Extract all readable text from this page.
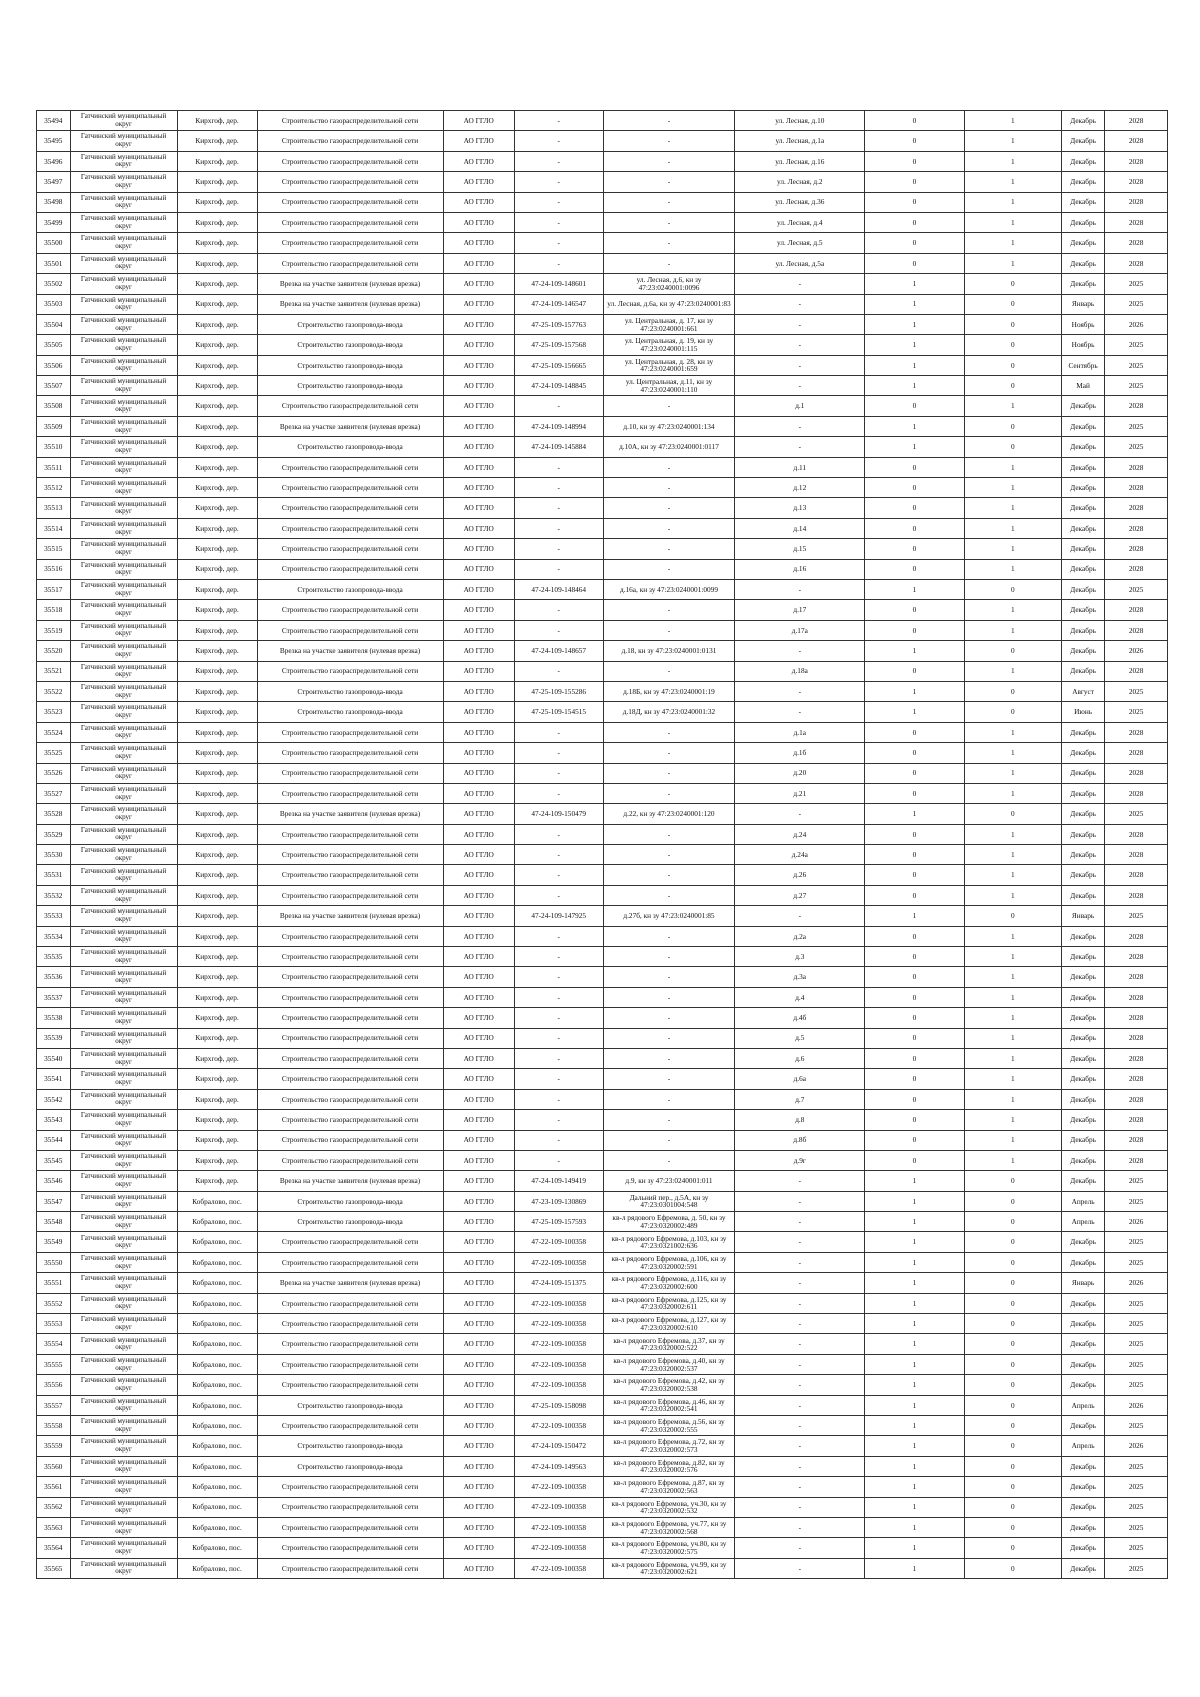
35494	Гатчинский муниципальный округ	Кирхгоф, дер.	Строительство газораспределительной сети	АО ГГЛО	-	-	ул. Лесная, д.10	0	1	Декабрь	2028
35495	Гатчинский муниципальный округ	Кирхгоф, дер.	Строительство газораспределительной сети	АО ГГЛО	-	-	ул. Лесная, д.1а	0	1	Декабрь	2028
35496	Гатчинский муниципальный округ	Кирхгоф, дер.	Строительство газораспределительной сети	АО ГГЛО	-	-	ул. Лесная, д.16	0	1	Декабрь	2028
35497	Гатчинский муниципальный округ	Кирхгоф, дер.	Строительство газораспределительной сети	АО ГГЛО	-	-	ул. Лесная, д.2	0	1	Декабрь	2028
35498	Гатчинский муниципальный округ	Кирхгоф, дер.	Строительство газораспределительной сети	АО ГГЛО	-	-	ул. Лесная, д.36	0	1	Декабрь	2028
35499	Гатчинский муниципальный округ	Кирхгоф, дер.	Строительство газораспределительной сети	АО ГГЛО	-	-	ул. Лесная, д.4	0	1	Декабрь	2028
35500	Гатчинский муниципальный округ	Кирхгоф, дер.	Строительство газораспределительной сети	АО ГГЛО	-	-	ул. Лесная, д.5	0	1	Декабрь	2028
35501	Гатчинский муниципальный округ	Кирхгоф, дер.	Строительство газораспределительной сети	АО ГГЛО	-	-	ул. Лесная, д.5а	0	1	Декабрь	2028
35502	Гатчинский муниципальный округ	Кирхгоф, дер.	Врезка на участке заявителя (нулевая врезка)	АО ГГЛО	47-24-109-148601	ул. Лесная, д.6, кн зу 47:23:0240001:0096	-	1	0	Декабрь	2025
35503	Гатчинский муниципальный округ	Кирхгоф, дер.	Врезка на участке заявителя (нулевая врезка)	АО ГГЛО	47-24-109-146547	ул. Лесная, д.6а, кн зу 47:23:0240001:83	-	1	0	Январь	2025
35504	Гатчинский муниципальный округ	Кирхгоф, дер.	Строительство газопровода-ввода	АО ГГЛО	47-25-109-157763	ул. Центральная, д. 17, кн зу 47:23:0240001:661	-	1	0	Ноябрь	2026
35505	Гатчинский муниципальный округ	Кирхгоф, дер.	Строительство газопровода-ввода	АО ГГЛО	47-25-109-157568	ул. Центральная, д. 19, кн зу 47:23:0240001:115	-	1	0	Ноябрь	2025
35506	Гатчинский муниципальный округ	Кирхгоф, дер.	Строительство газопровода-ввода	АО ГГЛО	47-25-109-156665	ул. Центральная, д. 28, кн зу 47:23:0240001:659	-	1	0	Сентябрь	2025
35507	Гатчинский муниципальный округ	Кирхгоф, дер.	Строительство газопровода-ввода	АО ГГЛО	47-24-109-148845	ул. Центральная, д.11, кн зу 47:23:0240001:110	-	1	0	Май	2025
35508	Гатчинский муниципальный округ	Кирхгоф, дер.	Строительство газораспределительной сети	АО ГГЛО	-	-	д.1	0	1	Декабрь	2028
35509	Гатчинский муниципальный округ	Кирхгоф, дер.	Врезка на участке заявителя (нулевая врезка)	АО ГГЛО	47-24-109-148994	д.10, кн зу 47:23:0240001:134	-	1	0	Декабрь	2025
35510	Гатчинский муниципальный округ	Кирхгоф, дер.	Строительство газопровода-ввода	АО ГГЛО	47-24-109-145884	д.10А, кн зу 47:23:0240001:0117	-	1	0	Декабрь	2025
35511	Гатчинский муниципальный округ	Кирхгоф, дер.	Строительство газораспределительной сети	АО ГГЛО	-	-	д.11	0	1	Декабрь	2028
35512	Гатчинский муниципальный округ	Кирхгоф, дер.	Строительство газораспределительной сети	АО ГГЛО	-	-	д.12	0	1	Декабрь	2028
35513	Гатчинский муниципальный округ	Кирхгоф, дер.	Строительство газораспределительной сети	АО ГГЛО	-	-	д.13	0	1	Декабрь	2028
35514	Гатчинский муниципальный округ	Кирхгоф, дер.	Строительство газораспределительной сети	АО ГГЛО	-	-	д.14	0	1	Декабрь	2028
35515	Гатчинский муниципальный округ	Кирхгоф, дер.	Строительство газораспределительной сети	АО ГГЛО	-	-	д.15	0	1	Декабрь	2028
35516	Гатчинский муниципальный округ	Кирхгоф, дер.	Строительство газораспределительной сети	АО ГГЛО	-	-	д.16	0	1	Декабрь	2028
35517	Гатчинский муниципальный округ	Кирхгоф, дер.	Строительство газопровода-ввода	АО ГГЛО	47-24-109-148464	д.16а, кн зу 47:23:0240001:0099	-	1	0	Декабрь	2025
35518	Гатчинский муниципальный округ	Кирхгоф, дер.	Строительство газораспределительной сети	АО ГГЛО	-	-	д.17	0	1	Декабрь	2028
35519	Гатчинский муниципальный округ	Кирхгоф, дер.	Строительство газораспределительной сети	АО ГГЛО	-	-	д.17а	0	1	Декабрь	2028
35520	Гатчинский муниципальный округ	Кирхгоф, дер.	Врезка на участке заявителя (нулевая врезка)	АО ГГЛО	47-24-109-148657	д.18, кн зу 47:23:0240001:0131	-	1	0	Декабрь	2026
35521	Гатчинский муниципальный округ	Кирхгоф, дер.	Строительство газораспределительной сети	АО ГГЛО	-	-	д.18а	0	1	Декабрь	2028
35522	Гатчинский муниципальный округ	Кирхгоф, дер.	Строительство газопровода-ввода	АО ГГЛО	47-25-109-155286	д.18Б, кн зу 47:23:0240001:19	-	1	0	Август	2025
35523	Гатчинский муниципальный округ	Кирхгоф, дер.	Строительство газопровода-ввода	АО ГГЛО	47-25-109-154515	д.18Д, кн зу 47:23:0240001:32	-	1	0	Июнь	2025
35524	Гатчинский муниципальный округ	Кирхгоф, дер.	Строительство газораспределительной сети	АО ГГЛО	-	-	д.1а	0	1	Декабрь	2028
35525	Гатчинский муниципальный округ	Кирхгоф, дер.	Строительство газораспределительной сети	АО ГГЛО	-	-	д.1б	0	1	Декабрь	2028
35526	Гатчинский муниципальный округ	Кирхгоф, дер.	Строительство газораспределительной сети	АО ГГЛО	-	-	д.20	0	1	Декабрь	2028
35527	Гатчинский муниципальный округ	Кирхгоф, дер.	Строительство газораспределительной сети	АО ГГЛО	-	-	д.21	0	1	Декабрь	2028
35528	Гатчинский муниципальный округ	Кирхгоф, дер.	Врезка на участке заявителя (нулевая врезка)	АО ГГЛО	47-24-109-150479	д.22, кн зу 47:23:0240001:120	-	1	0	Декабрь	2025
35529	Гатчинский муниципальный округ	Кирхгоф, дер.	Строительство газораспределительной сети	АО ГГЛО	-	-	д.24	0	1	Декабрь	2028
35530	Гатчинский муниципальный округ	Кирхгоф, дер.	Строительство газораспределительной сети	АО ГГЛО	-	-	д.24а	0	1	Декабрь	2028
35531	Гатчинский муниципальный округ	Кирхгоф, дер.	Строительство газораспределительной сети	АО ГГЛО	-	-	д.26	0	1	Декабрь	2028
35532	Гатчинский муниципальный округ	Кирхгоф, дер.	Строительство газораспределительной сети	АО ГГЛО	-	-	д.27	0	1	Декабрь	2028
35533	Гатчинский муниципальный округ	Кирхгоф, дер.	Врезка на участке заявителя (нулевая врезка)	АО ГГЛО	47-24-109-147925	д.27б, кн зу 47:23:0240001:85	-	1	0	Январь	2025
35534	Гатчинский муниципальный округ	Кирхгоф, дер.	Строительство газораспределительной сети	АО ГГЛО	-	-	д.2а	0	1	Декабрь	2028
35535	Гатчинский муниципальный округ	Кирхгоф, дер.	Строительство газораспределительной сети	АО ГГЛО	-	-	д.3	0	1	Декабрь	2028
35536	Гатчинский муниципальный округ	Кирхгоф, дер.	Строительство газораспределительной сети	АО ГГЛО	-	-	д.3а	0	1	Декабрь	2028
35537	Гатчинский муниципальный округ	Кирхгоф, дер.	Строительство газораспределительной сети	АО ГГЛО	-	-	д.4	0	1	Декабрь	2028
35538	Гатчинский муниципальный округ	Кирхгоф, дер.	Строительство газораспределительной сети	АО ГГЛО	-	-	д.4б	0	1	Декабрь	2028
35539	Гатчинский муниципальный округ	Кирхгоф, дер.	Строительство газораспределительной сети	АО ГГЛО	-	-	д.5	0	1	Декабрь	2028
35540	Гатчинский муниципальный округ	Кирхгоф, дер.	Строительство газораспределительной сети	АО ГГЛО	-	-	д.6	0	1	Декабрь	2028
35541	Гатчинский муниципальный округ	Кирхгоф, дер.	Строительство газораспределительной сети	АО ГГЛО	-	-	д.6а	0	1	Декабрь	2028
35542	Гатчинский муниципальный округ	Кирхгоф, дер.	Строительство газораспределительной сети	АО ГГЛО	-	-	д.7	0	1	Декабрь	2028
35543	Гатчинский муниципальный округ	Кирхгоф, дер.	Строительство газораспределительной сети	АО ГГЛО	-	-	д.8	0	1	Декабрь	2028
35544	Гатчинский муниципальный округ	Кирхгоф, дер.	Строительство газораспределительной сети	АО ГГЛО	-	-	д.8б	0	1	Декабрь	2028
35545	Гатчинский муниципальный округ	Кирхгоф, дер.	Строительство газораспределительной сети	АО ГГЛО	-	-	д.9г	0	1	Декабрь	2028
35546	Гатчинский муниципальный округ	Кирхгоф, дер.	Врезка на участке заявителя (нулевая врезка)	АО ГГЛО	47-24-109-149419	д.9, кн зу 47:23:0240001:011	-	1	0	Декабрь	2025
35547	Гатчинский муниципальный округ	Кобралово, пос.	Строительство газопровода-ввода	АО ГГЛО	47-23-109-130869	Дальний пер., д.5А, кн зу 47:23:0301004:548	-	1	0	Апрель	2025
35548	Гатчинский муниципальный округ	Кобралово, пос.	Строительство газопровода-ввода	АО ГГЛО	47-25-109-157593	кв-л рядового Ефремова, д. 50, кн зу 47:23:0320002:489	-	1	0	Апрель	2026
35549	Гатчинский муниципальный округ	Кобралово, пос.	Строительство газораспределительной сети	АО ГГЛО	47-22-109-100358	кв-л рядового Ефремова, д.103, кн зу 47:23:0321002:636	-	1	0	Декабрь	2025
35550	Гатчинский муниципальный округ	Кобралово, пос.	Строительство газораспределительной сети	АО ГГЛО	47-22-109-100358	кв-л рядового Ефремова, д.106, кн зу 47:23:0320002:591	-	1	0	Декабрь	2025
35551	Гатчинский муниципальный округ	Кобралово, пос.	Врезка на участке заявителя (нулевая врезка)	АО ГГЛО	47-24-109-151375	кв-л рядового Ефремова, д.116, кн зу 47:23:0320002:600	-	1	0	Январь	2026
35552	Гатчинский муниципальный округ	Кобралово, пос.	Строительство газораспределительной сети	АО ГГЛО	47-22-109-100358	кв-л рядового Ефремова, д.125, кн зу 47:23:0320002:611	-	1	0	Декабрь	2025
35553	Гатчинский муниципальный округ	Кобралово, пос.	Строительство газораспределительной сети	АО ГГЛО	47-22-109-100358	кв-л рядового Ефремова, д.127, кн зу 47:23:0320002:610	-	1	0	Декабрь	2025
35554	Гатчинский муниципальный округ	Кобралово, пос.	Строительство газораспределительной сети	АО ГГЛО	47-22-109-100358	кв-л рядового Ефремова, д.37, кн зу 47:23:0320002:522	-	1	0	Декабрь	2025
35555	Гатчинский муниципальный округ	Кобралово, пос.	Строительство газораспределительной сети	АО ГГЛО	47-22-109-100358	кв-л рядового Ефремова, д.40, кн зу 47:23:0320002:537	-	1	0	Декабрь	2025
35556	Гатчинский муниципальный округ	Кобралово, пос.	Строительство газораспределительной сети	АО ГГЛО	47-22-109-100358	кв-л рядового Ефремова, д.42, кн зу 47:23:0320002:538	-	1	0	Декабрь	2025
35557	Гатчинский муниципальный округ	Кобралово, пос.	Строительство газопровода-ввода	АО ГГЛО	47-25-109-158098	кв-л рядового Ефремова, д.46, кн зу 47:23:0320002:541	-	1	0	Апрель	2026
35558	Гатчинский муниципальный округ	Кобралово, пос.	Строительство газораспределительной сети	АО ГГЛО	47-22-109-100358	кв-л рядового Ефремова, д.56, кн зу 47:23:0320002:555	-	1	0	Декабрь	2025
35559	Гатчинский муниципальный округ	Кобралово, пос.	Строительство газопровода-ввода	АО ГГЛО	47-24-109-150472	кв-л рядового Ефремова, д.72, кн зу 47:23:0320002:573	-	1	0	Апрель	2026
35560	Гатчинский муниципальный округ	Кобралово, пос.	Строительство газопровода-ввода	АО ГГЛО	47-24-109-149563	кв-л рядового Ефремова, д.82, кн зу 47:23:0320002:576	-	1	0	Декабрь	2025
35561	Гатчинский муниципальный округ	Кобралово, пос.	Строительство газораспределительной сети	АО ГГЛО	47-22-109-100358	кв-л рядового Ефремова, д.87, кн зу 47:23:0320002:563	-	1	0	Декабрь	2025
35562	Гатчинский муниципальный округ	Кобралово, пос.	Строительство газораспределительной сети	АО ГГЛО	47-22-109-100358	кв-л рядового Ефремова, уч.30, кн зу 47:23:0320002:532	-	1	0	Декабрь	2025
35563	Гатчинский муниципальный округ	Кобралово, пос.	Строительство газораспределительной сети	АО ГГЛО	47-22-109-100358	кв-л рядового Ефремова, уч.77, кн зу 47:23:0320002:568	-	1	0	Декабрь	2025
35564	Гатчинский муниципальный округ	Кобралово, пос.	Строительство газораспределительной сети	АО ГГЛО	47-22-109-100358	кв-л рядового Ефремова, уч.80, кн зу 47:23:0320002:575	-	1	0	Декабрь	2025
35565	Гатчинский муниципальный округ	Кобралово, пос.	Строительство газораспределительной сети	АО ГГЛО	47-22-109-100358	кв-л рядового Ефремова, уч.99, кн зу 47:23:0320002:621	-	1	0	Декабрь	2025
